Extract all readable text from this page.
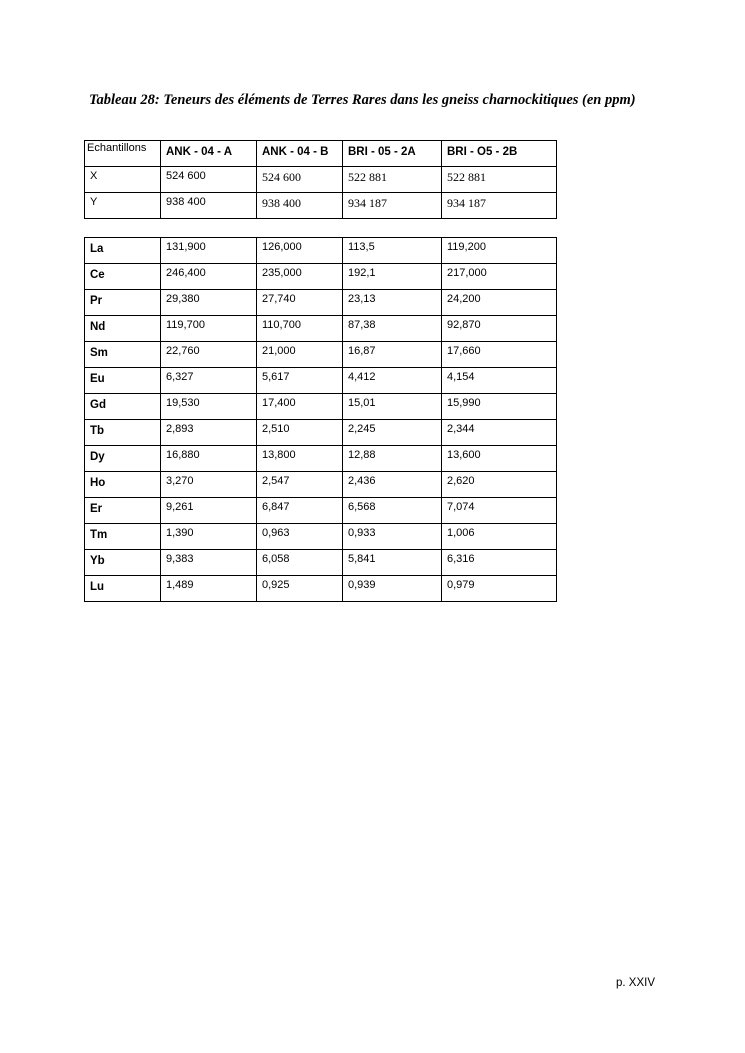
Tableau 28: Teneurs des éléments de Terres Rares dans les gneiss charnockitiques (en ppm)
Echantillons	ANK - 04 - A	ANK - 04 - B	BRI - 05 - 2A	BRI - O5 - 2B
X	524 600	524 600	522 881	522 881
Y	938 400	938 400	934 187	934 187
La	131,900	126,000	113,5	119,200
Ce	246,400	235,000	192,1	217,000
Pr	29,380	27,740	23,13	24,200
Nd	119,700	110,700	87,38	92,870
Sm	22,760	21,000	16,87	17,660
Eu	6,327	5,617	4,412	4,154
Gd	19,530	17,400	15,01	15,990
Tb	2,893	2,510	2,245	2,344
Dy	16,880	13,800	12,88	13,600
Ho	3,270	2,547	2,436	2,620
Er	9,261	6,847	6,568	7,074
Tm	1,390	0,963	0,933	1,006
Yb	9,383	6,058	5,841	6,316
Lu	1,489	0,925	0,939	0,979
p. XXIV
